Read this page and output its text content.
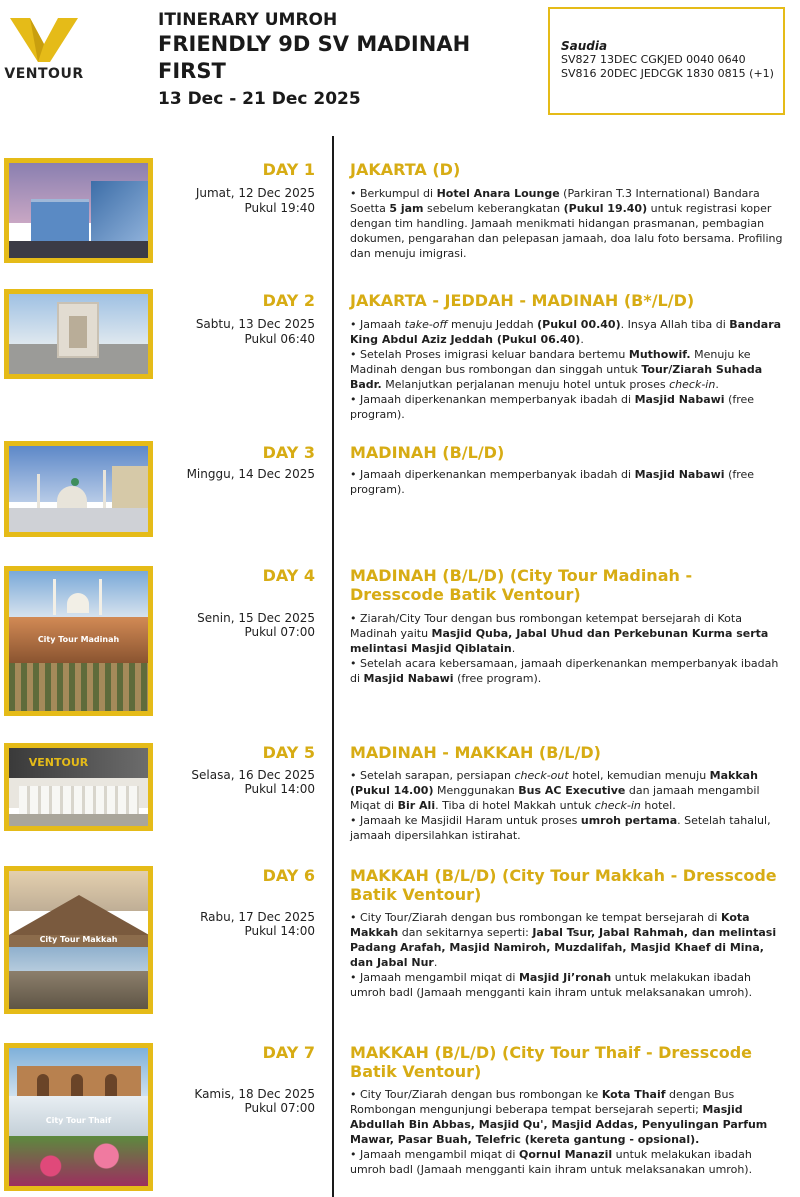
VENTOUR
ITINERARY UMROH
FRIENDLY 9D SV MADINAH
FIRST
13 Dec - 21 Dec 2025
Saudia
SV827 13DEC CGKJED 0040 0640
SV816 20DEC JEDCGK 1830 0815 (+1)
DAY 1
Jumat, 12 Dec 2025
Pukul 19:40
JAKARTA (D)
• Berkumpul di Hotel Anara Lounge (Parkiran T.3 International) Bandara Soetta 5 jam sebelum keberangkatan (Pukul 19.40) untuk registrasi koper dengan tim handling. Jamaah menikmati hidangan prasmanan, pembagian dokumen, pengarahan dan pelepasan jamaah, doa lalu foto bersama. Profiling dan menuju imigrasi.
DAY 2
Sabtu, 13 Dec 2025
Pukul 06:40
JAKARTA - JEDDAH - MADINAH (B*/L/D)
• Jamaah take-off menuju Jeddah (Pukul 00.40). Insya Allah tiba di Bandara King Abdul Aziz Jeddah (Pukul 06.40).
• Setelah Proses imigrasi keluar bandara bertemu Muthowif. Menuju ke Madinah dengan bus rombongan dan singgah untuk Tour/Ziarah Suhada Badr. Melanjutkan perjalanan menuju hotel untuk proses check-in.
• Jamaah diperkenankan memperbanyak ibadah di Masjid Nabawi (free program).
DAY 3
Minggu, 14 Dec 2025
MADINAH (B/L/D)
• Jamaah diperkenankan memperbanyak ibadah di Masjid Nabawi (free program).
City Tour Madinah
DAY 4
Senin, 15 Dec 2025
Pukul 07:00
MADINAH (B/L/D) (City Tour Madinah - Dresscode Batik Ventour)
• Ziarah/City Tour dengan bus rombongan ketempat bersejarah di Kota Madinah yaitu Masjid Quba, Jabal Uhud dan Perkebunan Kurma serta melintasi Masjid Qiblatain.
• Setelah acara kebersamaan, jamaah diperkenankan memperbanyak ibadah di Masjid Nabawi (free program).
VENTOUR
DAY 5
Selasa, 16 Dec 2025
Pukul 14:00
MADINAH - MAKKAH (B/L/D)
• Setelah sarapan, persiapan check-out hotel, kemudian menuju Makkah (Pukul 14.00) Menggunakan Bus AC Executive dan jamaah mengambil Miqat di Bir Ali. Tiba di hotel Makkah untuk check-in hotel.
• Jamaah ke Masjidil Haram untuk proses umroh pertama. Setelah tahalul, jamaah dipersilahkan istirahat.
City Tour Makkah
DAY 6
Rabu, 17 Dec 2025
Pukul 14:00
MAKKAH (B/L/D) (City Tour Makkah - Dresscode Batik Ventour)
• City Tour/Ziarah dengan bus rombongan ke tempat bersejarah di Kota Makkah dan sekitarnya seperti: Jabal Tsur, Jabal Rahmah, dan melintasi Padang Arafah, Masjid Namiroh, Muzdalifah, Masjid Khaef di Mina, dan Jabal Nur.
• Jamaah mengambil miqat di Masjid Ji’ronah untuk melakukan ibadah umroh badl (Jamaah mengganti kain ihram untuk melaksanakan umroh).
City Tour Thaif
DAY 7
Kamis, 18 Dec 2025
Pukul 07:00
MAKKAH (B/L/D) (City Tour Thaif - Dresscode Batik Ventour)
• City Tour/Ziarah dengan bus rombongan ke Kota Thaif dengan Bus Rombongan mengunjungi beberapa tempat bersejarah seperti; Masjid Abdullah Bin Abbas, Masjid Qu', Masjid Addas, Penyulingan Parfum Mawar, Pasar Buah, Telefric (kereta gantung - opsional).
• Jamaah mengambil miqat di Qornul Manazil untuk melakukan ibadah umroh badl (Jamaah mengganti kain ihram untuk melaksanakan umroh).
